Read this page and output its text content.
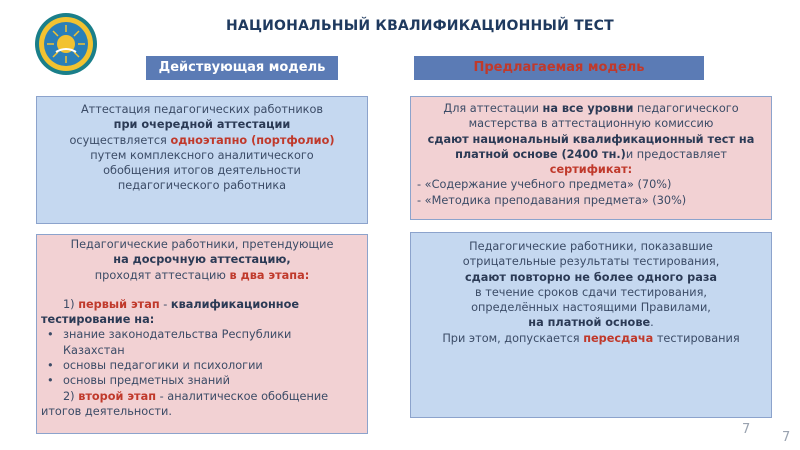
НАЦИОНАЛЬНЫЙ КВАЛИФИКАЦИОННЫЙ ТЕСТ
Действующая модель	Предлагаемая модель
Аттестация педагогических работников
при очередной аттестации
осуществляется одноэтапно (портфолио)
путем комплексного аналитического
обобщения итогов деятельности
педагогического работника
Для аттестации на все уровни педагогического
мастерства в аттестационную комиссию
сдают национальный квалификационный тест на
платной основе (2400 тн.)и предоставляет
сертификат:
- «Содержание учебного предмета» (70%)
- «Методика преподавания предмета» (30%)
Педагогические работники, претендующие
на досрочную аттестацию,
проходят аттестацию в два этапа:
1) первый этап - квалификационное
тестирование на:
• знание законодательства Республики
Казахстан
• основы педагогики и психологии
• основы предметных знаний
2) второй этап - аналитическое обобщение
итогов деятельности.
Педагогические работники, показавшие
отрицательные результаты тестирования,
сдают повторно не более одного раза
в течение сроков сдачи тестирования,
определённых настоящими Правилами,
на платной основе.
При этом, допускается пересдача тестирования
7
7
